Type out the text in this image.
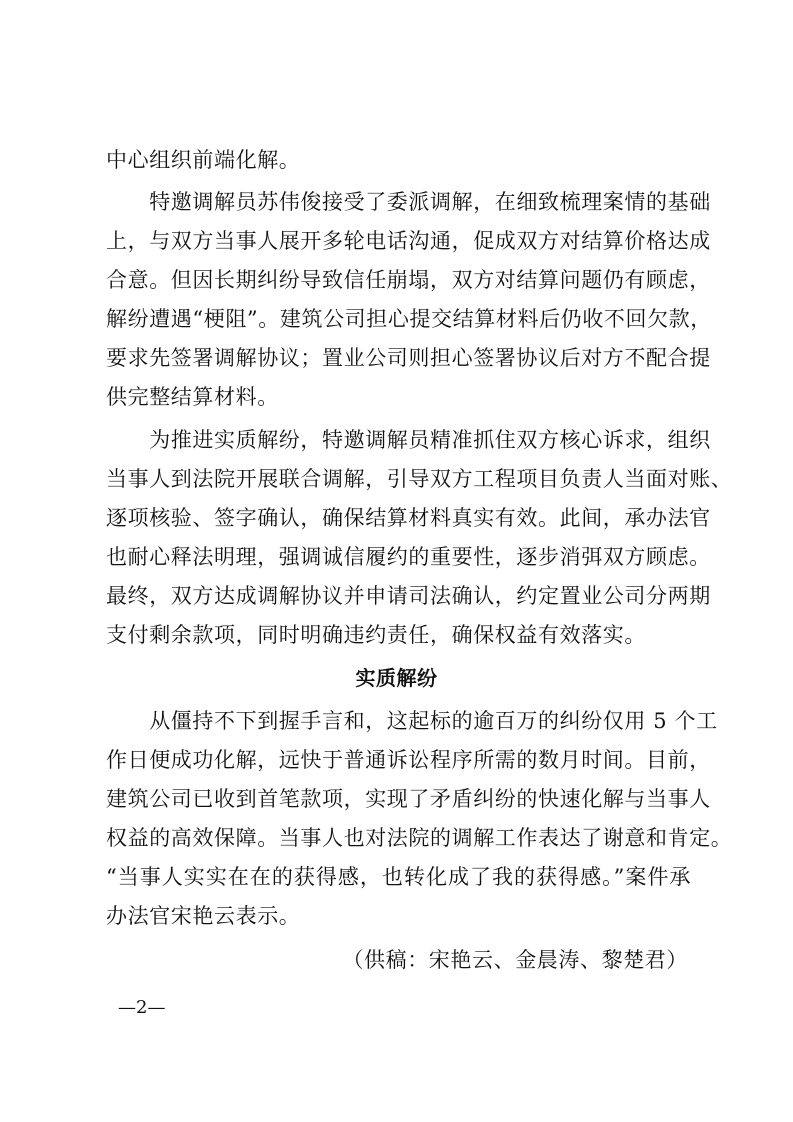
中心组织前端化解。
　　特邀调解员苏伟俊接受了委派调解，在细致梳理案情的基础
上，与双方当事人展开多轮电话沟通，促成双方对结算价格达成
合意。但因长期纠纷导致信任崩塌，双方对结算问题仍有顾虑，
解纷遭遇“梗阻”。建筑公司担心提交结算材料后仍收不回欠款，
要求先签署调解协议；置业公司则担心签署协议后对方不配合提
供完整结算材料。
　　为推进实质解纷，特邀调解员精准抓住双方核心诉求，组织
当事人到法院开展联合调解，引导双方工程项目负责人当面对账、
逐项核验、签字确认，确保结算材料真实有效。此间，承办法官
也耐心释法明理，强调诚信履约的重要性，逐步消弭双方顾虑。
最终，双方达成调解协议并申请司法确认，约定置业公司分两期
支付剩余款项，同时明确违约责任，确保权益有效落实。
实质解纷
　　从僵持不下到握手言和，这起标的逾百万的纠纷仅用 5 个工
作日便成功化解，远快于普通诉讼程序所需的数月时间。目前，
建筑公司已收到首笔款项，实现了矛盾纠纷的快速化解与当事人
权益的高效保障。当事人也对法院的调解工作表达了谢意和肯定。
“当事人实实在在的获得感，也转化成了我的获得感。”案件承
办法官宋艳云表示。
（供稿：宋艳云、金晨涛、黎楚君）
—2—
